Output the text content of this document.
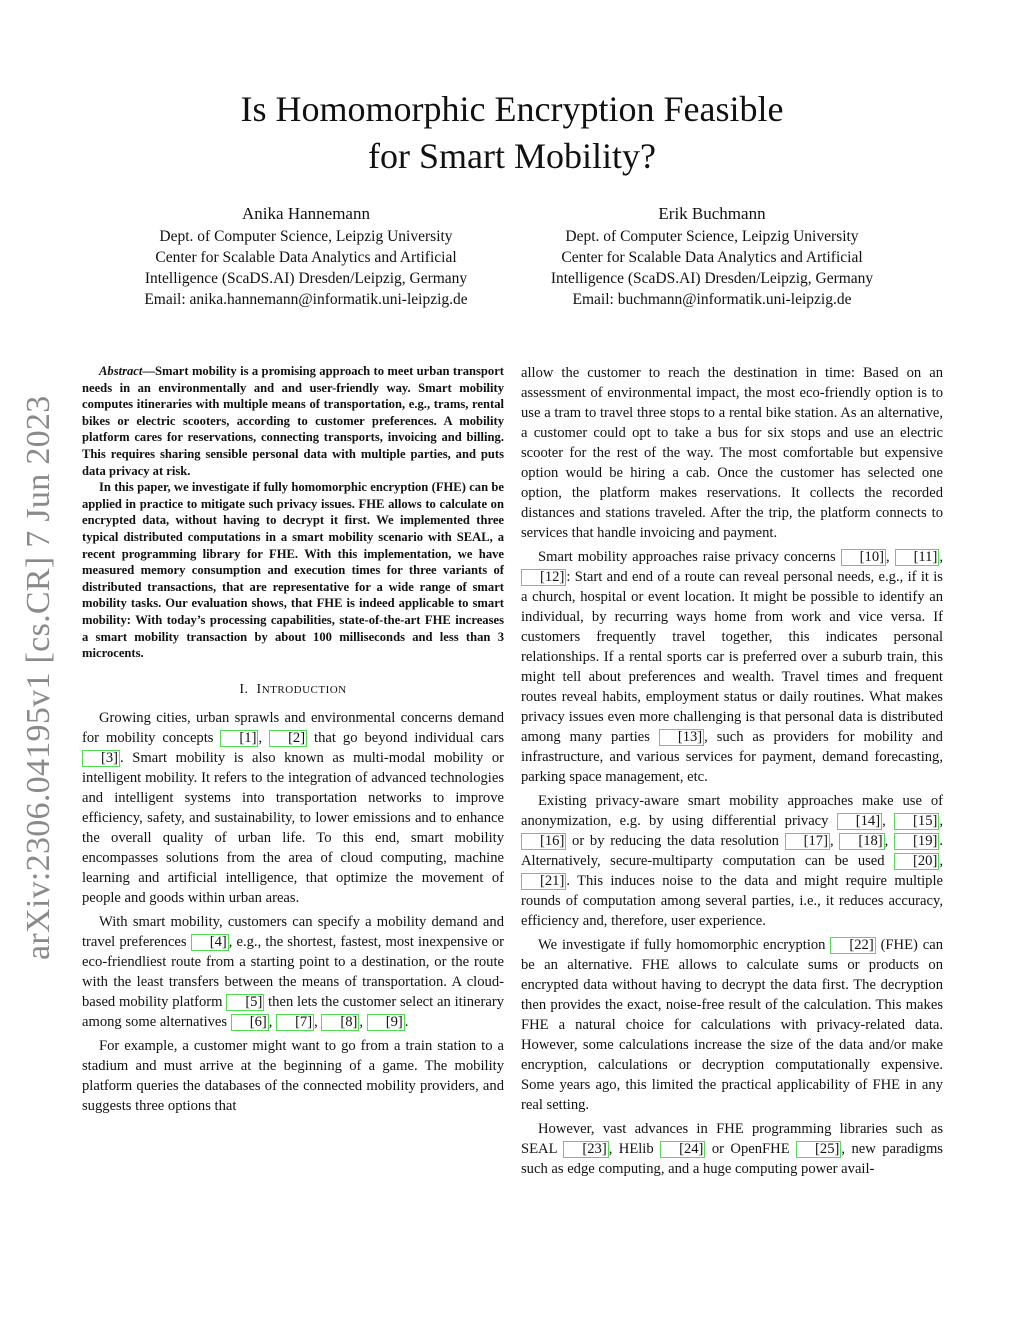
Is Homomorphic Encryption Feasible
for Smart Mobility?
Anika Hannemann
Dept. of Computer Science, Leipzig University
Center for Scalable Data Analytics and Artificial
Intelligence (ScaDS.AI) Dresden/Leipzig, Germany
Email: anika.hannemann@informatik.uni-leipzig.de
Erik Buchmann
Dept. of Computer Science, Leipzig University
Center for Scalable Data Analytics and Artificial
Intelligence (ScaDS.AI) Dresden/Leipzig, Germany
Email: buchmann@informatik.uni-leipzig.de
arXiv:2306.04195v1 [cs.CR] 7 Jun 2023

Abstract—Smart mobility is a promising approach to meet urban transport needs in an environmentally and and user-friendly way. Smart mobility computes itineraries with multiple means of transportation, e.g., trams, rental bikes or electric scooters, according to customer preferences. A mobility platform cares for reservations, connecting transports, invoicing and billing. This requires sharing sensible personal data with multiple parties, and puts data privacy at risk.

In this paper, we investigate if fully homomorphic encryption (FHE) can be applied in practice to mitigate such privacy issues. FHE allows to calculate on encrypted data, without having to decrypt it first. We implemented three typical distributed computations in a smart mobility scenario with SEAL, a recent programming library for FHE. With this implementation, we have measured memory consumption and execution times for three variants of distributed transactions, that are representative for a wide range of smart mobility tasks. Our evaluation shows, that FHE is indeed applicable to smart mobility: With today’s processing capabilities, state-of-the-art FHE increases a smart mobility transaction by about 100 milliseconds and less than 3 microcents.

I. INTRODUCTION

Growing cities, urban sprawls and environmental concerns demand for mobility concepts [1] , [2] that go beyond individual cars [3] . Smart mobility is also known as multi-modal mobility or intelligent mobility. It refers to the integration of advanced technologies and intelligent systems into transportation networks to improve efficiency, safety, and sustainability, to lower emissions and to enhance the overall quality of urban life. To this end, smart mobility encompasses solutions from the area of cloud computing, machine learning and artificial intelligence, that optimize the movement of people and goods within urban areas.

With smart mobility, customers can specify a mobility demand and travel preferences [4] , e.g., the shortest, fastest, most inexpensive or eco-friendliest route from a starting point to a destination, or the route with the least transfers between the means of transportation. A cloud-based mobility platform [5] then lets the customer select an itinerary among some alternatives [6] , [7] , [8] , [9] .

For example, a customer might want to go from a train station to a stadium and must arrive at the beginning of a game. The mobility platform queries the databases of the connected mobility providers, and suggests three options that

allow the customer to reach the destination in time: Based on an assessment of environmental impact, the most eco-friendly option is to use a tram to travel three stops to a rental bike station. As an alternative, a customer could opt to take a bus for six stops and use an electric scooter for the rest of the way. The most comfortable but expensive option would be hiring a cab. Once the customer has selected one option, the platform makes reservations. It collects the recorded distances and stations traveled. After the trip, the platform connects to services that handle invoicing and payment.

Smart mobility approaches raise privacy concerns [10] , [11] , [12] : Start and end of a route can reveal personal needs, e.g., if it is a church, hospital or event location. It might be possible to identify an individual, by recurring ways home from work and vice versa. If customers frequently travel together, this indicates personal relationships. If a rental sports car is preferred over a suburb train, this might tell about preferences and wealth. Travel times and frequent routes reveal habits, employment status or daily routines. What makes privacy issues even more challenging is that personal data is distributed among many parties [13] , such as providers for mobility and infrastructure, and various services for payment, demand forecasting, parking space management, etc.

Existing privacy-aware smart mobility approaches make use of anonymization, e.g. by using differential privacy [14] , [15] , [16] or by reducing the data resolution [17] , [18] , [19] . Alternatively, secure-multiparty computation can be used [20] , [21] . This induces noise to the data and might require multiple rounds of computation among several parties, i.e., it reduces accuracy, efficiency and, therefore, user experience.

We investigate if fully homomorphic encryption [22] (FHE) can be an alternative. FHE allows to calculate sums or products on encrypted data without having to decrypt the data first. The decryption then provides the exact, noise-free result of the calculation. This makes FHE a natural choice for calculations with privacy-related data. However, some calculations increase the size of the data and/or make encryption, calculations or decryption computationally expensive. Some years ago, this limited the practical applicability of FHE in any real setting.

However, vast advances in FHE programming libraries such as SEAL [23] , HElib [24] or OpenFHE [25] , new paradigms such as edge computing, and a huge computing power avail-
